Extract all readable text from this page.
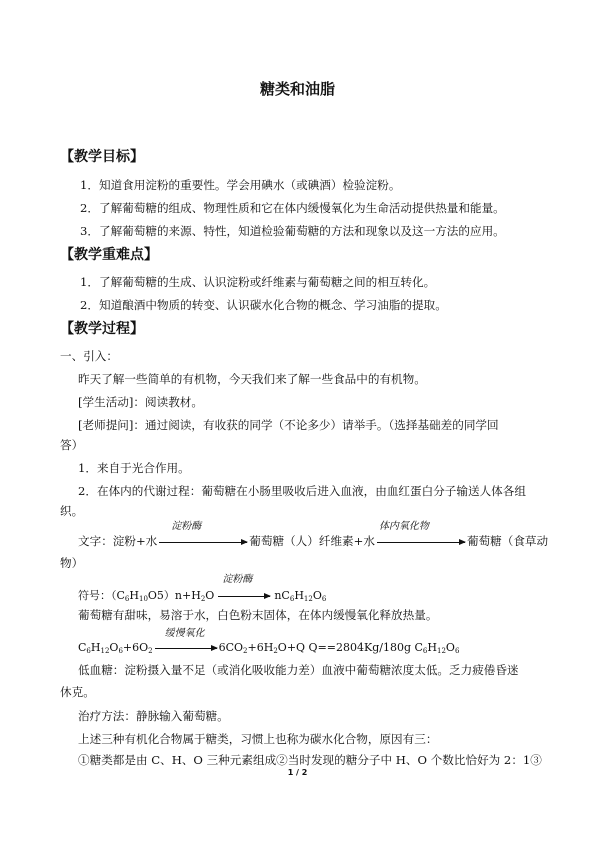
糖类和油脂
【教学目标】
1．知道食用淀粉的重要性。学会用碘水（或碘酒）检验淀粉。
2．了解葡萄糖的组成、物理性质和它在体内缓慢氧化为生命活动提供热量和能量。
3．了解葡萄糖的来源、特性，知道检验葡萄糖的方法和现象以及这一方法的应用。
【教学重难点】
1．了解葡萄糖的生成、认识淀粉或纤维素与葡萄糖之间的相互转化。
2．知道酿酒中物质的转变、认识碳水化合物的概念、学习油脂的提取。
【教学过程】
一、引入：
昨天了解一些简单的有机物，今天我们来了解一些食品中的有机物。
[学生活动]：阅读教材。
[老师提问]：通过阅读，有收获的同学（不论多少）请举手。（选择基础差的同学回
答）
1．来自于光合作用。
2．在体内的代谢过程：葡萄糖在小肠里吸收后进入血液，由血红蛋白分子输送人体各组
织。
文字：淀粉+水
淀粉酶
葡萄糖（人）纤维素+水
体内氧化物
葡萄糖（食草动
物）
符号：$(C_6H_{10}O5)n+H_2O$
淀粉酶
$nC_6H_{12}O_6$
葡萄糖有甜味，易溶于水，白色粉末固体，在体内缓慢氧化释放热量。
$C_6H_{12}O_6+6O_2$
缓慢氧化
$6CO_2+6H_2O+Q$ Q==2804Kg/180g $C_6H_{12}O_6$
低血糖：淀粉摄入量不足（或消化吸收能力差）血液中葡萄糖浓度太低。乏力疲倦昏迷
休克。
治疗方法：静脉输入葡萄糖。
上述三种有机化合物属于糖类，习惯上也称为碳水化合物，原因有三：
①糖类都是由 C、H、O 三种元素组成②当时发现的糖分子中 H、O 个数比恰好为 2：1③
1 / 2
